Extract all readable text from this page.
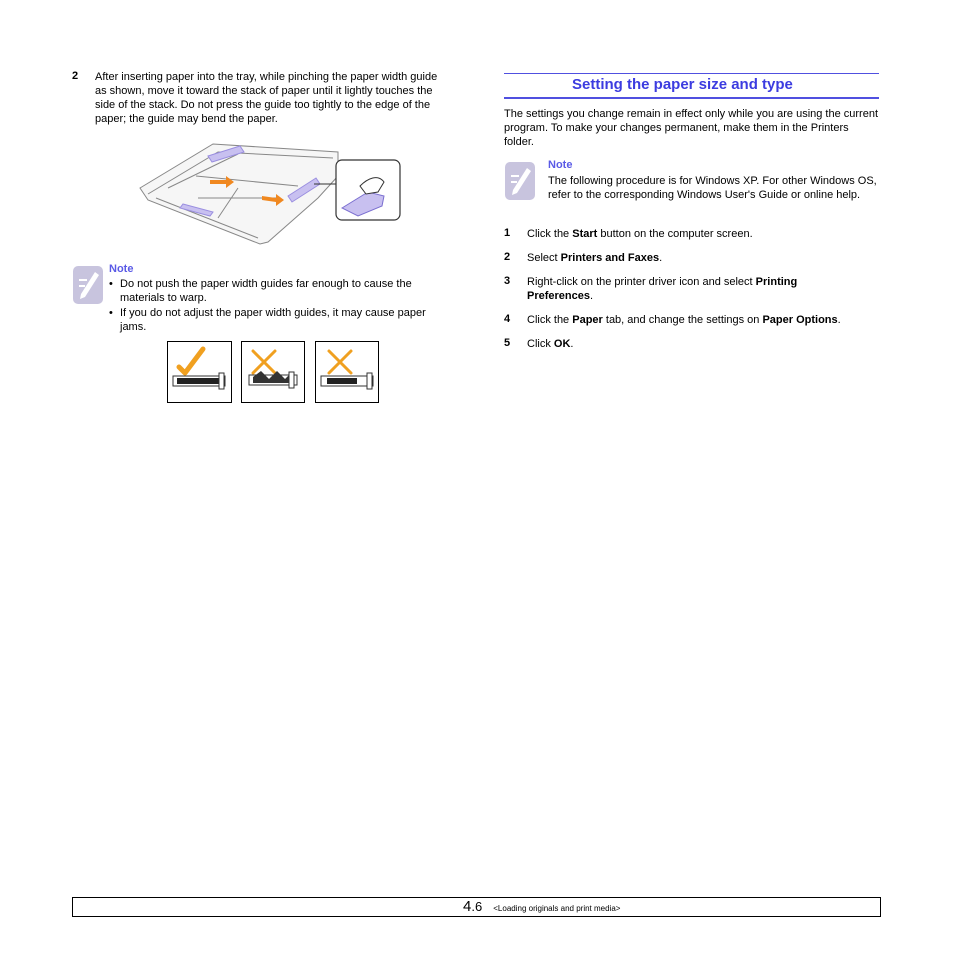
2 After inserting paper into the tray, while pinching the paper width guide as shown, move it toward the stack of paper until it lightly touches the side of the stack. Do not press the guide too tightly to the edge of the paper; the guide may bend the paper.
Note
• Do not push the paper width guides far enough to cause the materials to warp.
• If you do not adjust the paper width guides, it may cause paper jams.
Setting the paper size and type
The settings you change remain in effect only while you are using the current program. To make your changes permanent, make them in the Printers folder.
Note
The following procedure is for Windows XP. For other Windows OS, refer to the corresponding Windows User's Guide or online help.
1 Click the Start button on the computer screen.
2 Select Printers and Faxes.
3 Right-click on the printer driver icon and select Printing Preferences.
4 Click the Paper tab, and change the settings on Paper Options.
5 Click OK.
4.6 <Loading originals and print media>
